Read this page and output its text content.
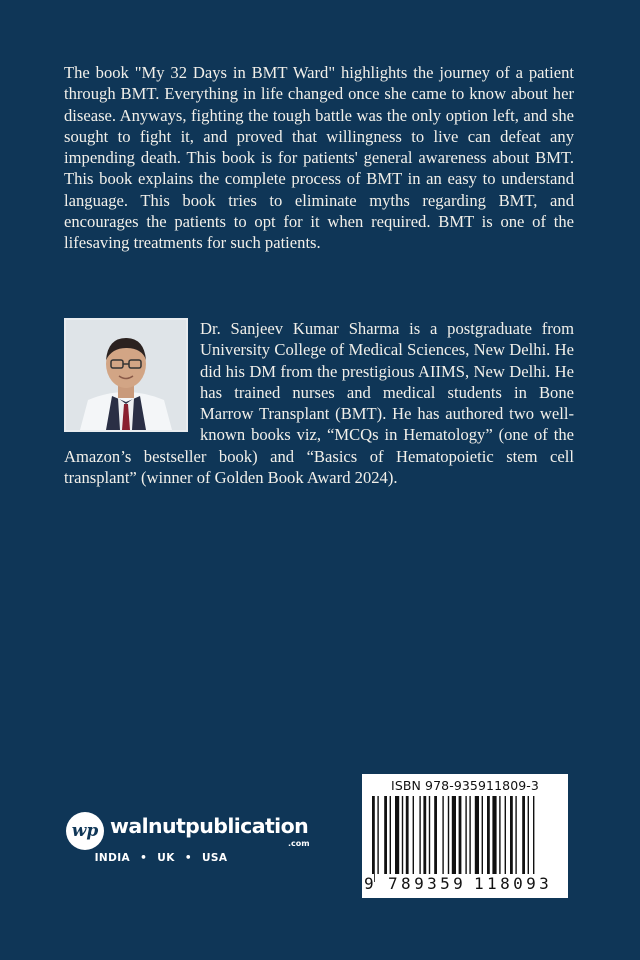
The book "My 32 Days in BMT Ward" highlights the journey of a patient through BMT. Everything in life changed once she came to know about her disease. Anyways, fighting the tough battle was the only option left, and she sought to fight it, and proved that willingness to live can defeat any impending death. This book is for patients' general awareness about BMT. This book explains the complete process of BMT in an easy to understand language. This book tries to eliminate myths regarding BMT, and encourages the patients to opt for it when required. BMT is one of the lifesaving treatments for such patients.

Dr. Sanjeev Kumar Sharma is a postgraduate from University College of Medical Sciences, New Delhi. He did his DM from the prestigious AIIMS, New Delhi. He has trained nurses and medical students in Bone Marrow Transplant (BMT). He has authored two well-known books viz, “MCQs in Hematology” (one of the Amazon’s bestseller book) and “Basics of Hematopoietic stem cell transplant” (winner of Golden Book Award 2024).
wp walnutpublication
.com
INDIA • UK • USA
ISBN 978-935911809-3
9 789359 118093
